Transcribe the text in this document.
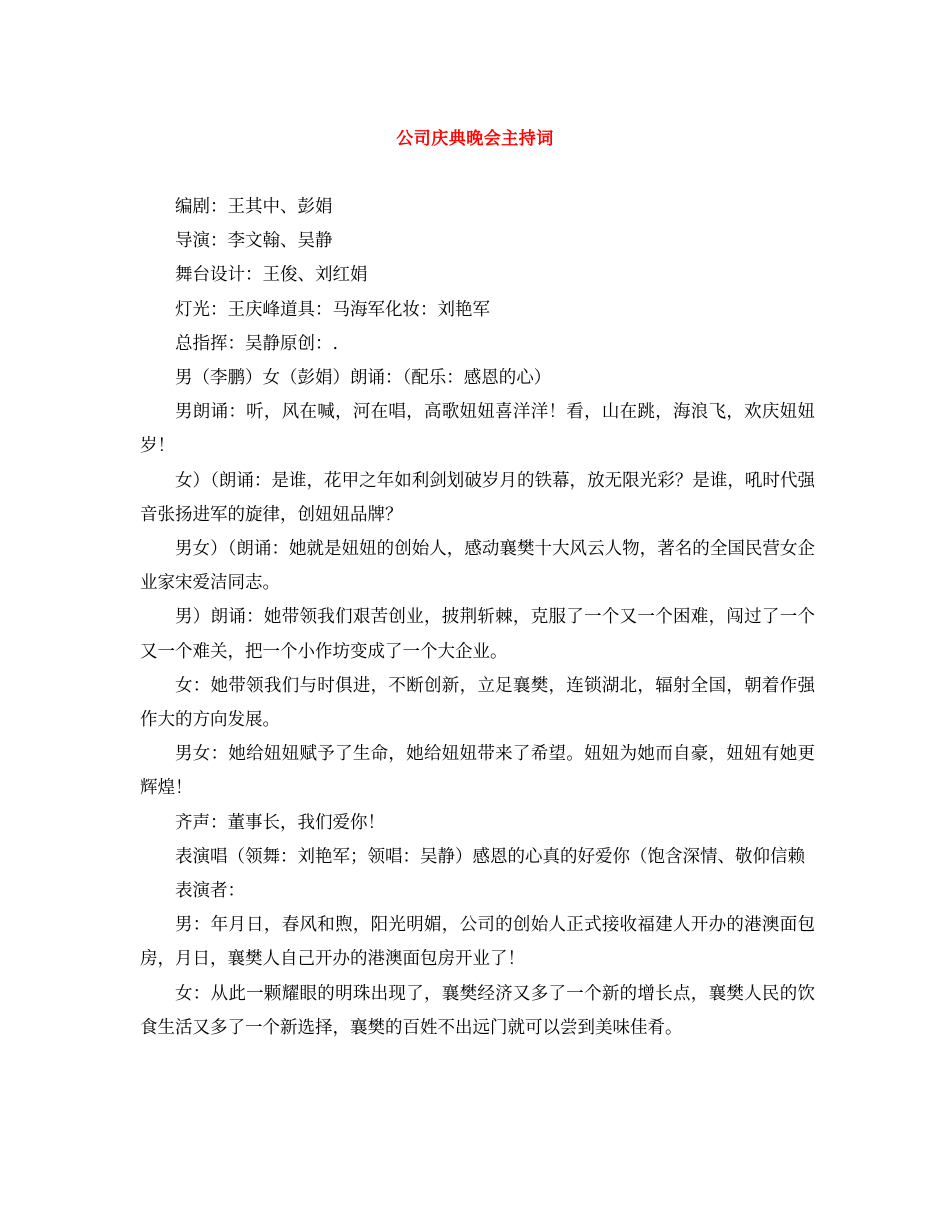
公司庆典晚会主持词

编剧：王其中、彭娟

导演：李文翰、吴静

舞台设计：王俊、刘红娟

灯光：王庆峰道具：马海军化妆：刘艳军

总指挥：吴静原创：.

男（李鹏）女（彭娟）朗诵：（配乐：感恩的心）

男朗诵：听，风在喊，河在唱，高歌妞妞喜洋洋！看，山在跳，海浪飞，欢庆妞妞岁！

女）（朗诵：是谁，花甲之年如利剑划破岁月的铁幕，放无限光彩？是谁，吼时代强音张扬进军的旋律，创妞妞品牌？

男女）（朗诵：她就是妞妞的创始人，感动襄樊十大风云人物，著名的全国民营女企业家宋爱洁同志。

男）朗诵：她带领我们艰苦创业，披荆斩棘，克服了一个又一个困难，闯过了一个又一个难关，把一个小作坊变成了一个大企业。

女：她带领我们与时俱进，不断创新，立足襄樊，连锁湖北，辐射全国，朝着作强作大的方向发展。

男女：她给妞妞赋予了生命，她给妞妞带来了希望。妞妞为她而自豪，妞妞有她更辉煌！

齐声：董事长，我们爱你！

表演唱（领舞：刘艳军；领唱：吴静）感恩的心真的好爱你（饱含深情、敬仰信赖

表演者：

男：年月日，春风和煦，阳光明媚，公司的创始人正式接收福建人开办的港澳面包房，月日，襄樊人自己开办的港澳面包房开业了！

女：从此一颗耀眼的明珠出现了，襄樊经济又多了一个新的增长点，襄樊人民的饮食生活又多了一个新选择，襄樊的百姓不出远门就可以尝到美味佳肴。
